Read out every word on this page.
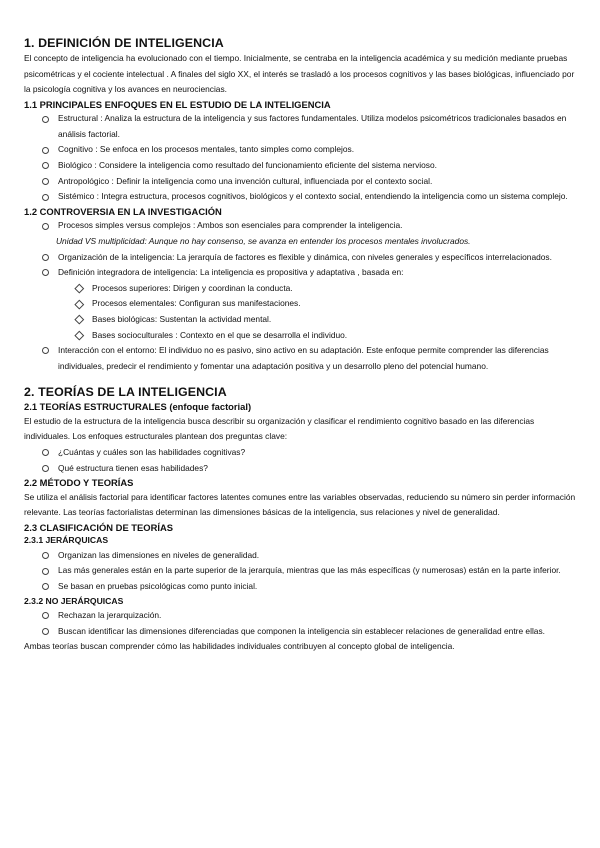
1. DEFINICIÓN DE INTELIGENCIA

El concepto de inteligencia ha evolucionado con el tiempo. Inicialmente, se centraba en la inteligencia académica y su medición mediante pruebas psicométricas y el cociente intelectual . A finales del siglo XX, el interés se trasladó a los procesos cognitivos y las bases biológicas, influenciado por la psicología cognitiva y los avances en neurociencias.

1.1 PRINCIPALES ENFOQUES EN EL ESTUDIO DE LA INTELIGENCIA
Estructural : Analiza la estructura de la inteligencia y sus factores fundamentales. Utiliza modelos psicométricos tradicionales basados en análisis factorial.
Cognitivo : Se enfoca en los procesos mentales, tanto simples como complejos.
Biológico : Considere la inteligencia como resultado del funcionamiento eficiente del sistema nervioso.
Antropológico : Definir la inteligencia como una invención cultural, influenciada por el contexto social.
Sistémico : Integra estructura, procesos cognitivos, biológicos y el contexto social, entendiendo la inteligencia como un sistema complejo.
1.2 CONTROVERSIA EN LA INVESTIGACIÓN
Procesos simples versus complejos : Ambos son esenciales para comprender la inteligencia.
Unidad VS multiplicidad: Aunque no hay consenso, se avanza en entender los procesos mentales involucrados.
Organización de la inteligencia: La jerarquía de factores es flexible y dinámica, con niveles generales y específicos interrelacionados.
Definición integradora de inteligencia: La inteligencia es propositiva y adaptativa , basada en:
Procesos superiores: Dirigen y coordinan la conducta.
Procesos elementales: Configuran sus manifestaciones.
Bases biológicas: Sustentan la actividad mental.
Bases socioculturales : Contexto en el que se desarrolla el individuo.
Interacción con el entorno: El individuo no es pasivo, sino activo en su adaptación. Este enfoque permite comprender las diferencias individuales, predecir el rendimiento y fomentar una adaptación positiva y un desarrollo pleno del potencial humano.
2. TEORÍAS DE LA INTELIGENCIA
2.1 TEORÍAS ESTRUCTURALES (enfoque factorial)

El estudio de la estructura de la inteligencia busca describir su organización y clasificar el rendimiento cognitivo basado en las diferencias individuales. Los enfoques estructurales plantean dos preguntas clave:

¿Cuántas y cuáles son las habilidades cognitivas?
Qué estructura tienen esas habilidades?
2.2 MÉTODO Y TEORÍAS

Se utiliza el análisis factorial para identificar factores latentes comunes entre las variables observadas, reduciendo su número sin perder información relevante. Las teorías factorialistas determinan las dimensiones básicas de la inteligencia, sus relaciones y nivel de generalidad.

2.3 CLASIFICACIÓN DE TEORÍAS
2.3.1 JERÁRQUICAS
Organizan las dimensiones en niveles de generalidad.
Las más generales están en la parte superior de la jerarquía, mientras que las más específicas (y numerosas) están en la parte inferior.
Se basan en pruebas psicológicas como punto inicial.
2.3.2 NO JERÁRQUICAS
Rechazan la jerarquización.
Buscan identificar las dimensiones diferenciadas que componen la inteligencia sin establecer relaciones de generalidad entre ellas.

Ambas teorías buscan comprender cómo las habilidades individuales contribuyen al concepto global de inteligencia.
